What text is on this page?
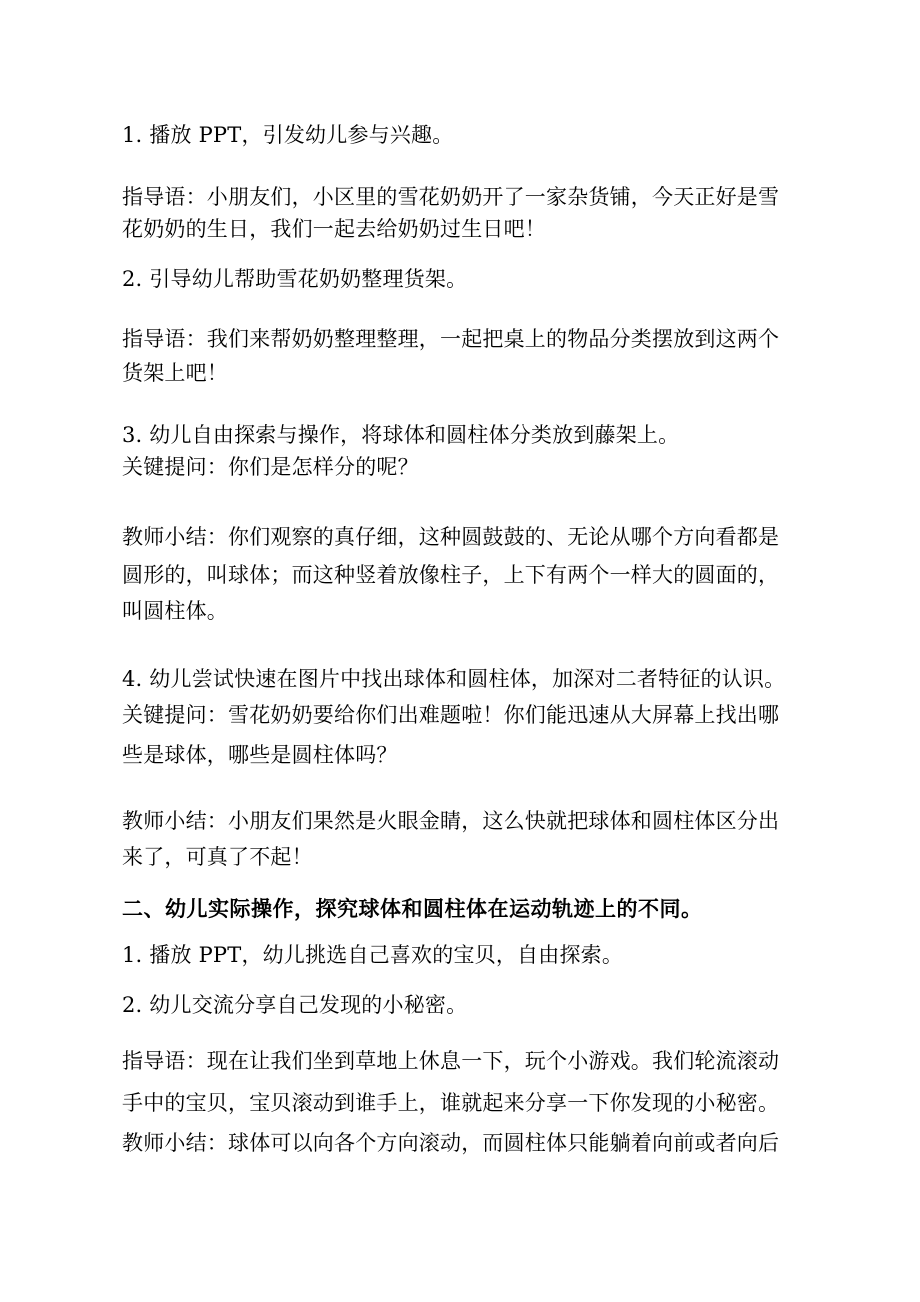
1. 播放 PPT，引发幼儿参与兴趣。
指导语：小朋友们，小区里的雪花奶奶开了一家杂货铺，今天正好是雪
花奶奶的生日，我们一起去给奶奶过生日吧！
2. 引导幼儿帮助雪花奶奶整理货架。
指导语：我们来帮奶奶整理整理，一起把桌上的物品分类摆放到这两个
货架上吧！
3. 幼儿自由探索与操作，将球体和圆柱体分类放到藤架上。
关键提问：你们是怎样分的呢？
教师小结：你们观察的真仔细，这种圆鼓鼓的、无论从哪个方向看都是
圆形的，叫球体；而这种竖着放像柱子，上下有两个一样大的圆面的，
叫圆柱体。
4. 幼儿尝试快速在图片中找出球体和圆柱体，加深对二者特征的认识。
关键提问：雪花奶奶要给你们出难题啦！你们能迅速从大屏幕上找出哪
些是球体，哪些是圆柱体吗？
教师小结：小朋友们果然是火眼金睛，这么快就把球体和圆柱体区分出
来了，可真了不起！
二、幼儿实际操作，探究球体和圆柱体在运动轨迹上的不同。
1. 播放 PPT，幼儿挑选自己喜欢的宝贝，自由探索。
2. 幼儿交流分享自己发现的小秘密。
指导语：现在让我们坐到草地上休息一下，玩个小游戏。我们轮流滚动
手中的宝贝，宝贝滚动到谁手上，谁就起来分享一下你发现的小秘密。
教师小结：球体可以向各个方向滚动，而圆柱体只能躺着向前或者向后
